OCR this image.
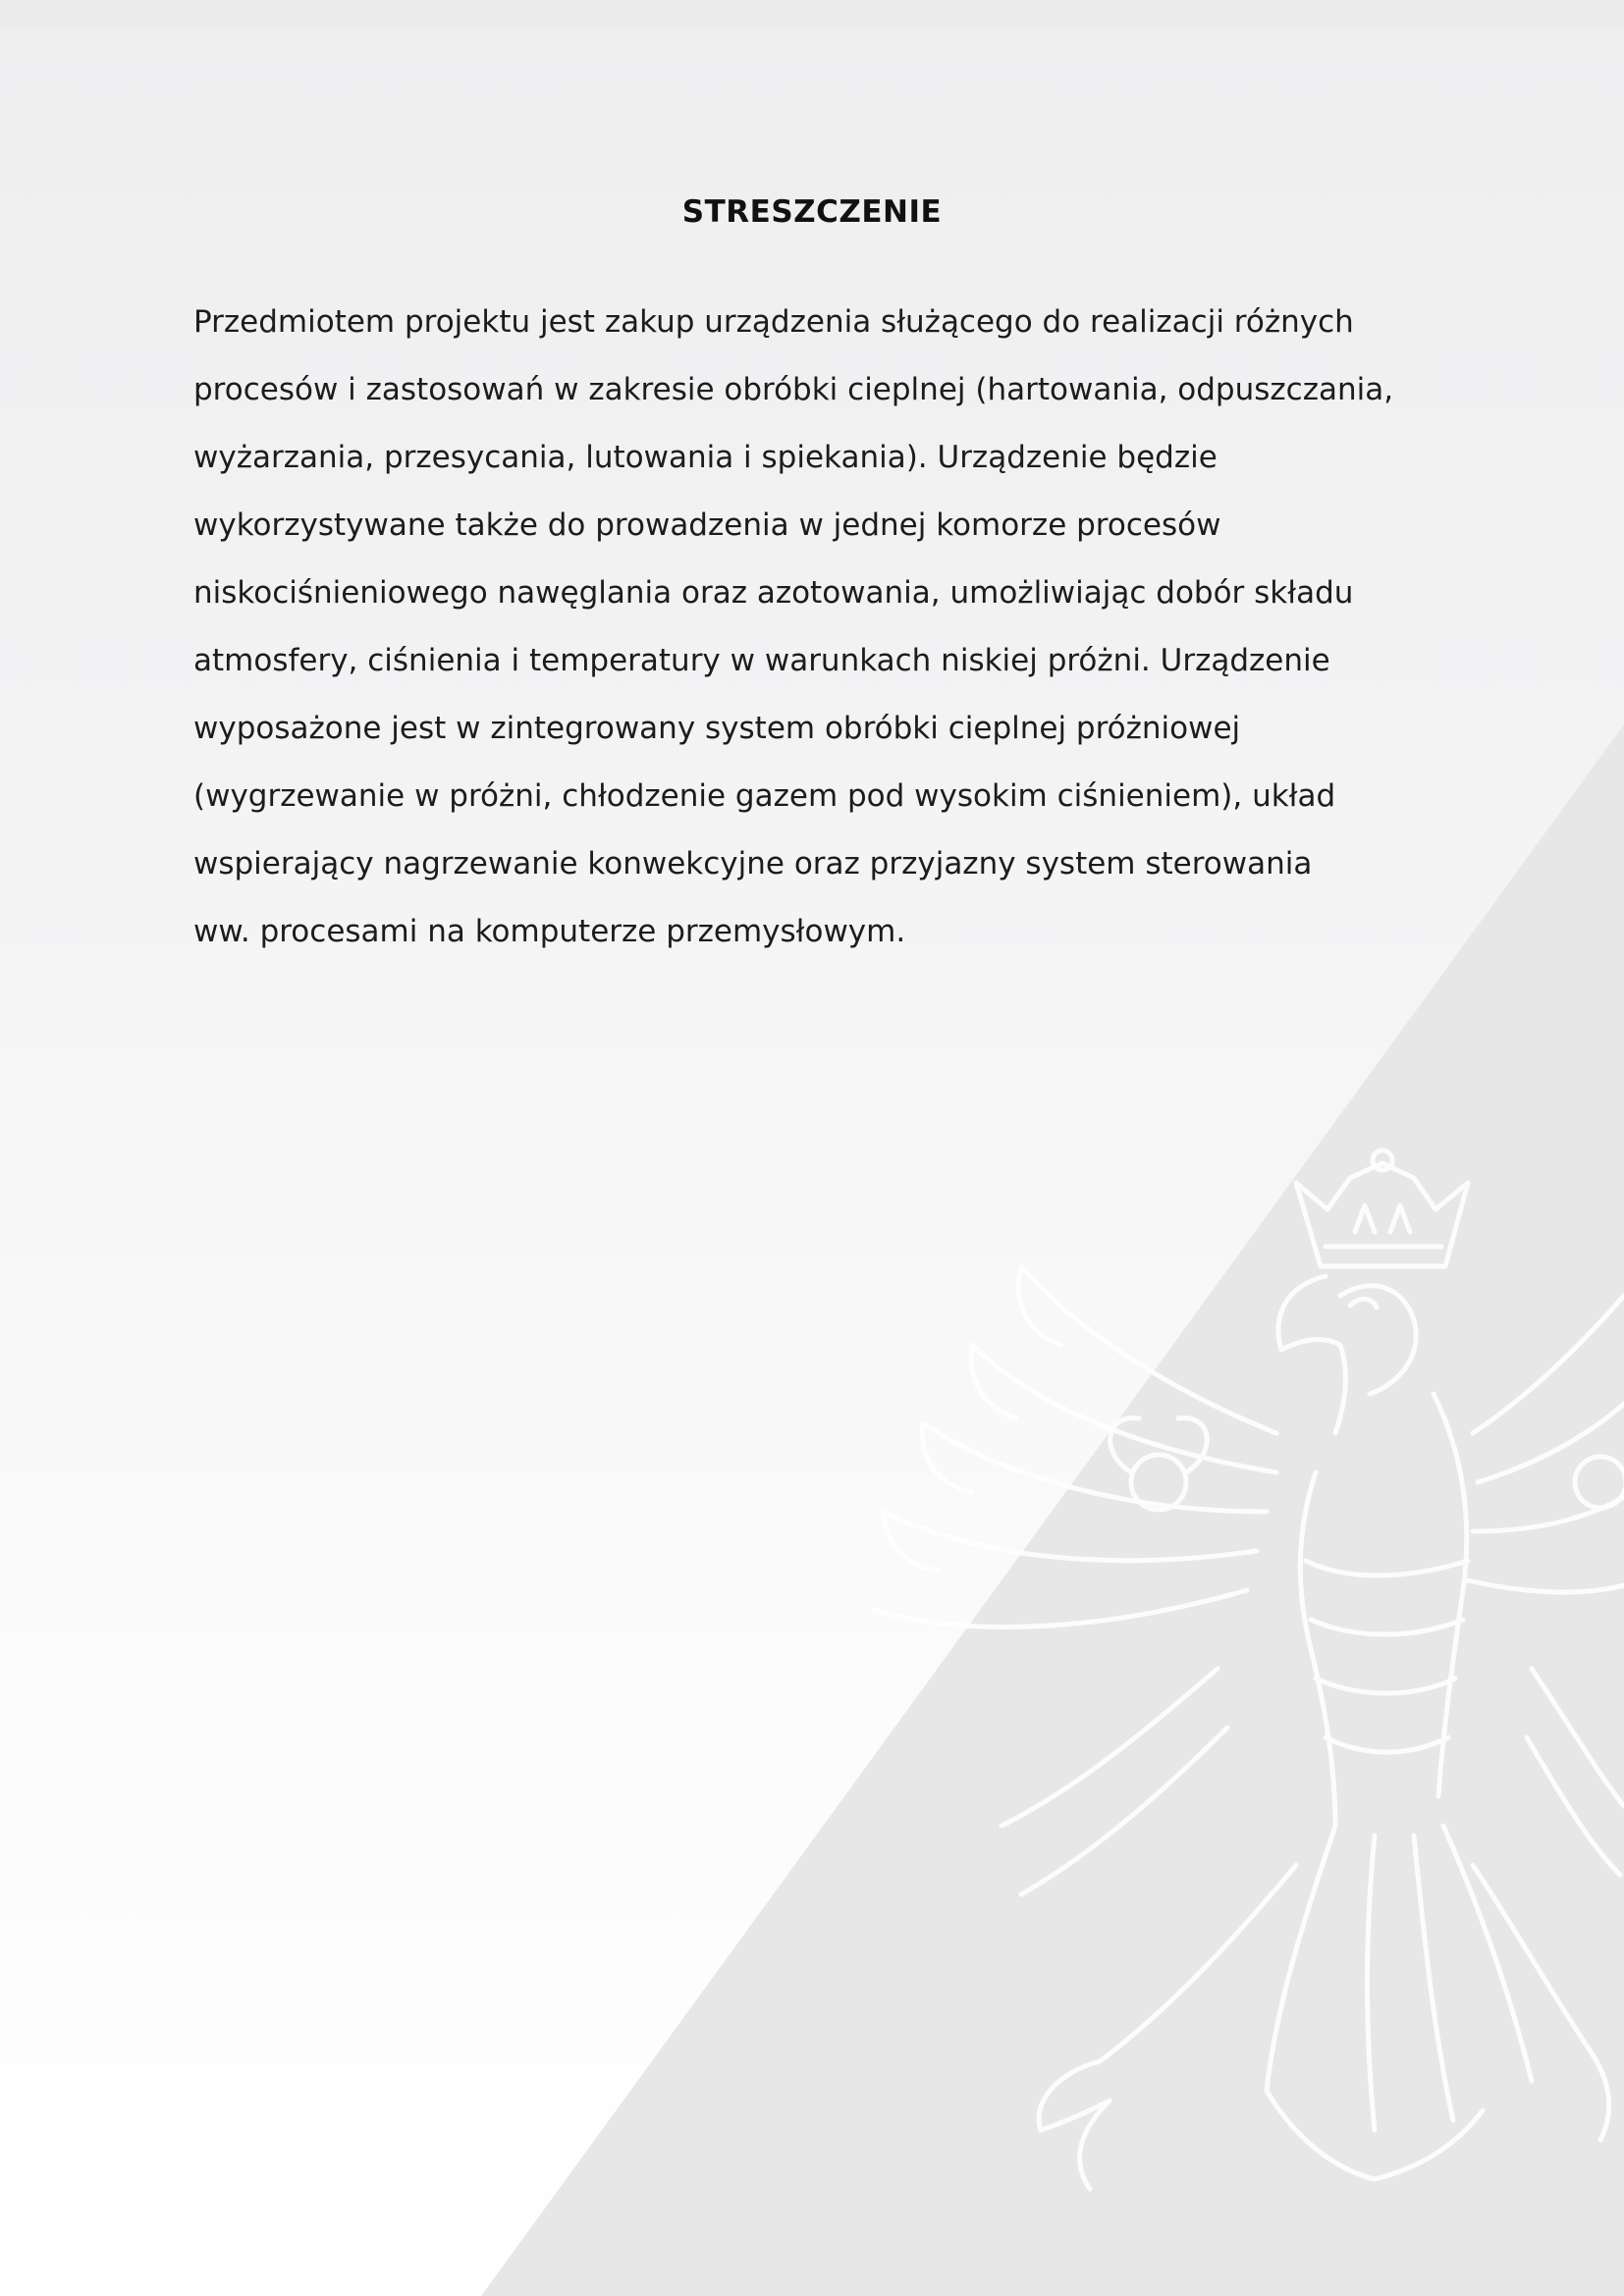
STRESZCZENIE
Przedmiotem projektu jest zakup urządzenia służącego do realizacji różnych
procesów i zastosowań w zakresie obróbki cieplnej (hartowania, odpuszczania,
wyżarzania, przesycania, lutowania i spiekania). Urządzenie będzie
wykorzystywane także do prowadzenia w jednej komorze procesów
niskociśnieniowego nawęglania oraz azotowania, umożliwiając dobór składu
atmosfery, ciśnienia i temperatury w warunkach niskiej próżni. Urządzenie
wyposażone jest w zintegrowany system obróbki cieplnej próżniowej
(wygrzewanie w próżni, chłodzenie gazem pod wysokim ciśnieniem), układ
wspierający nagrzewanie konwekcyjne oraz przyjazny system sterowania
ww. procesami na komputerze przemysłowym.
